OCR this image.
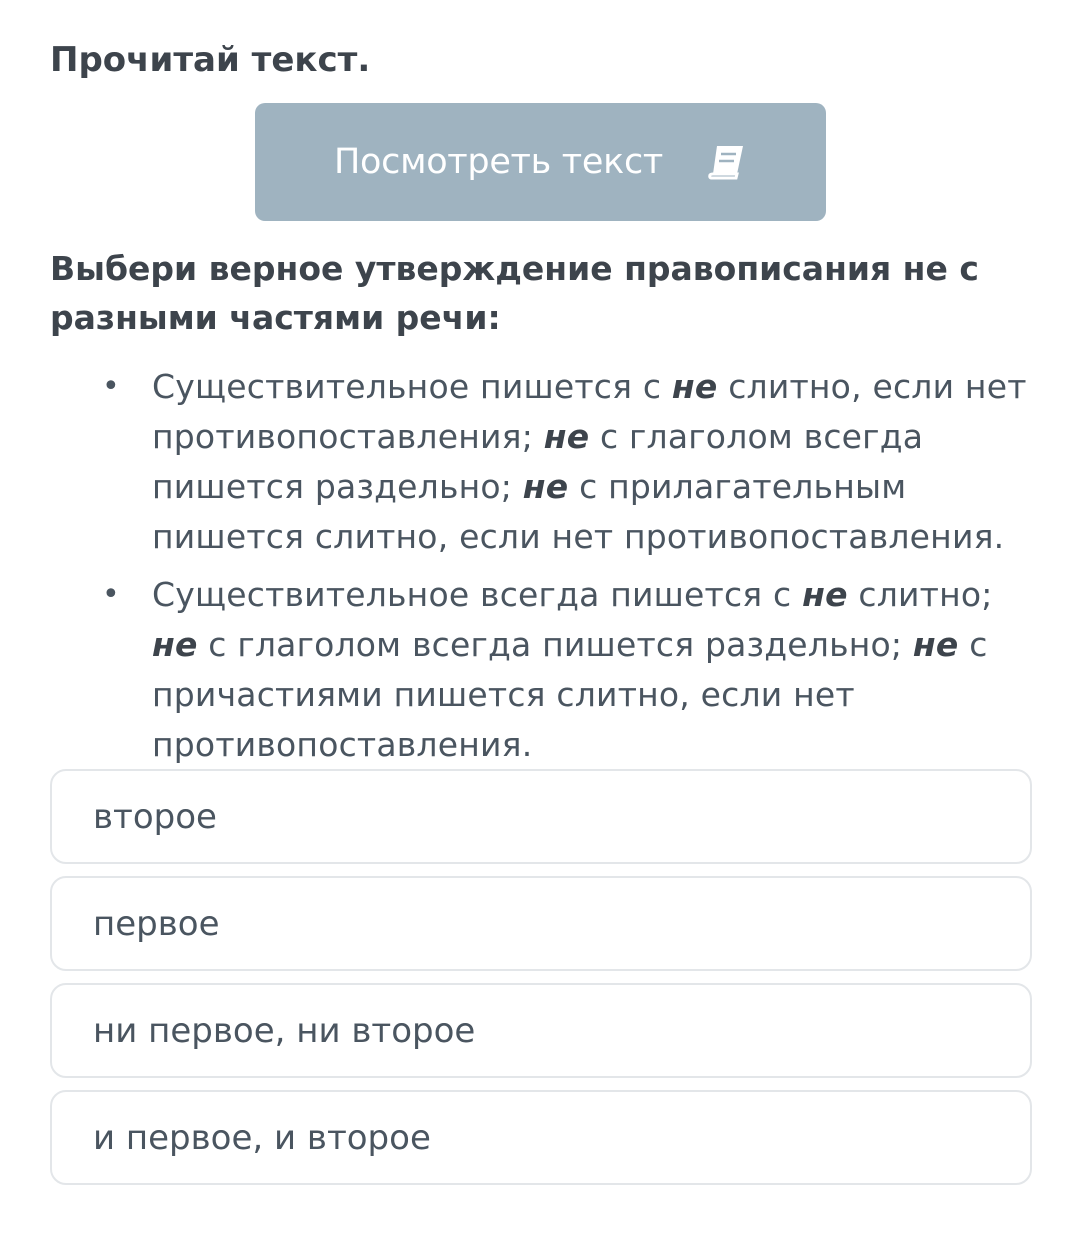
Прочитай текст.
Посмотреть текст

Выбери верное утверждение правописания не с разными частями речи:

• Существительное пишется с не слитно, если нет противопоставления; не с глаголом всегда пишется раздельно; не с прилагательным пишется слитно, если нет противопоставления.
• Существительное всегда пишется с не слитно; не с глаголом всегда пишется раздельно; не с причастиями пишется слитно, если нет противопоставления.
второе
первое
ни первое, ни второе
и первое, и второе
